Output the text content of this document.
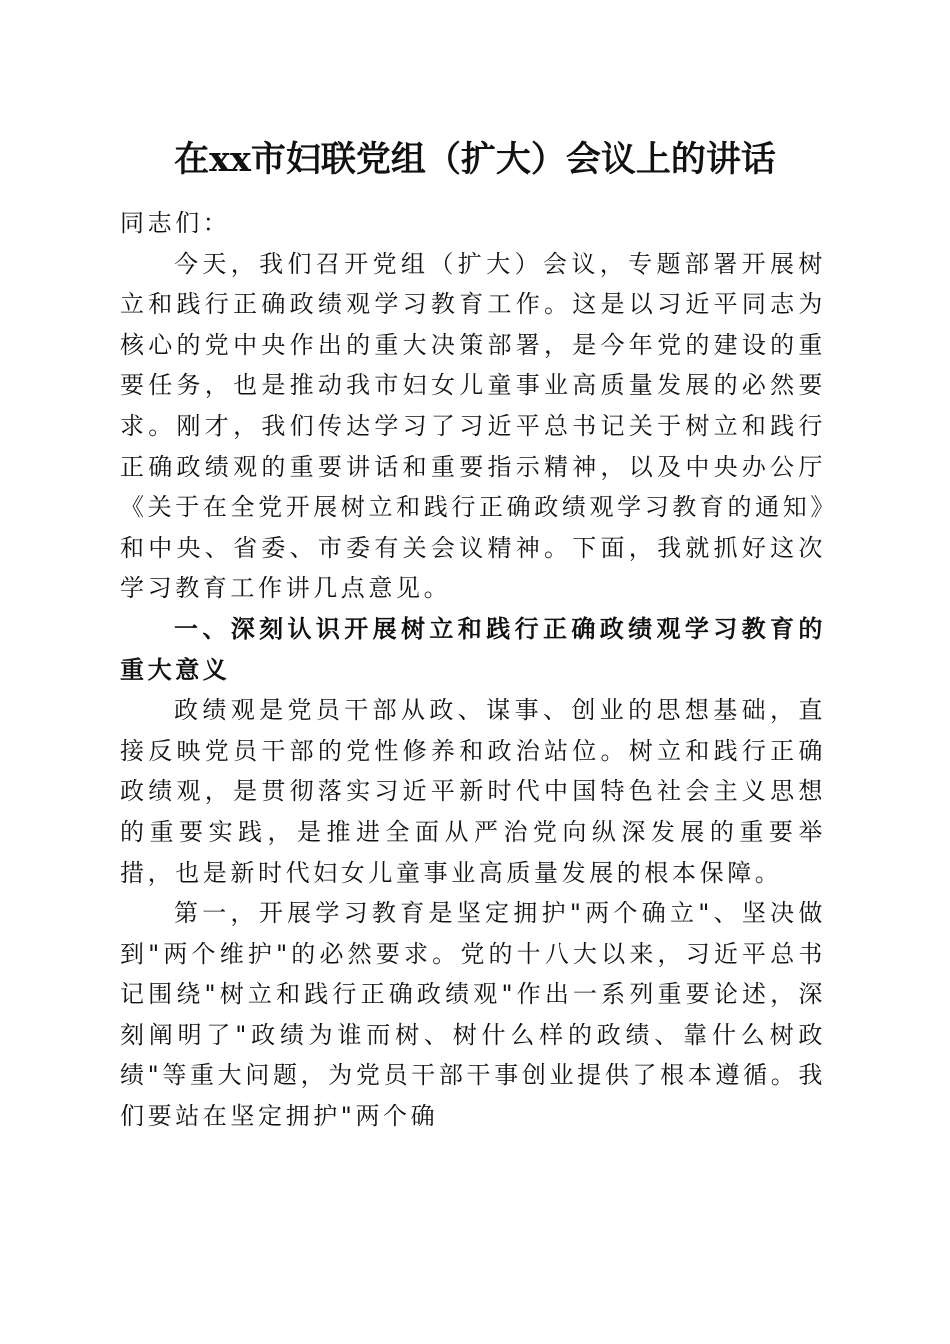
在xx市妇联党组（扩大）会议上的讲话

同志们：

今天，我们召开党组（扩大）会议，专题部署开展树立和践行正确政绩观学习教育工作。这是以习近平同志为核心的党中央作出的重大决策部署，是今年党的建设的重要任务，也是推动我市妇女儿童事业高质量发展的必然要求。刚才，我们传达学习了习近平总书记关于树立和践行正确政绩观的重要讲话和重要指示精神，以及中央办公厅《关于在全党开展树立和践行正确政绩观学习教育的通知》和中央、省委、市委有关会议精神。下面，我就抓好这次学习教育工作讲几点意见。

一、深刻认识开展树立和践行正确政绩观学习教育的重大意义

政绩观是党员干部从政、谋事、创业的思想基础，直接反映党员干部的党性修养和政治站位。树立和践行正确政绩观，是贯彻落实习近平新时代中国特色社会主义思想的重要实践，是推进全面从严治党向纵深发展的重要举措，也是新时代妇女儿童事业高质量发展的根本保障。

第一，开展学习教育是坚定拥护"两个确立"、坚决做到"两个维护"的必然要求。党的十八大以来，习近平总书记围绕"树立和践行正确政绩观"作出一系列重要论述，深刻阐明了"政绩为谁而树、树什么样的政绩、靠什么树政绩"等重大问题，为党员干部干事创业提供了根本遵循。我们要站在坚定拥护"两个确
